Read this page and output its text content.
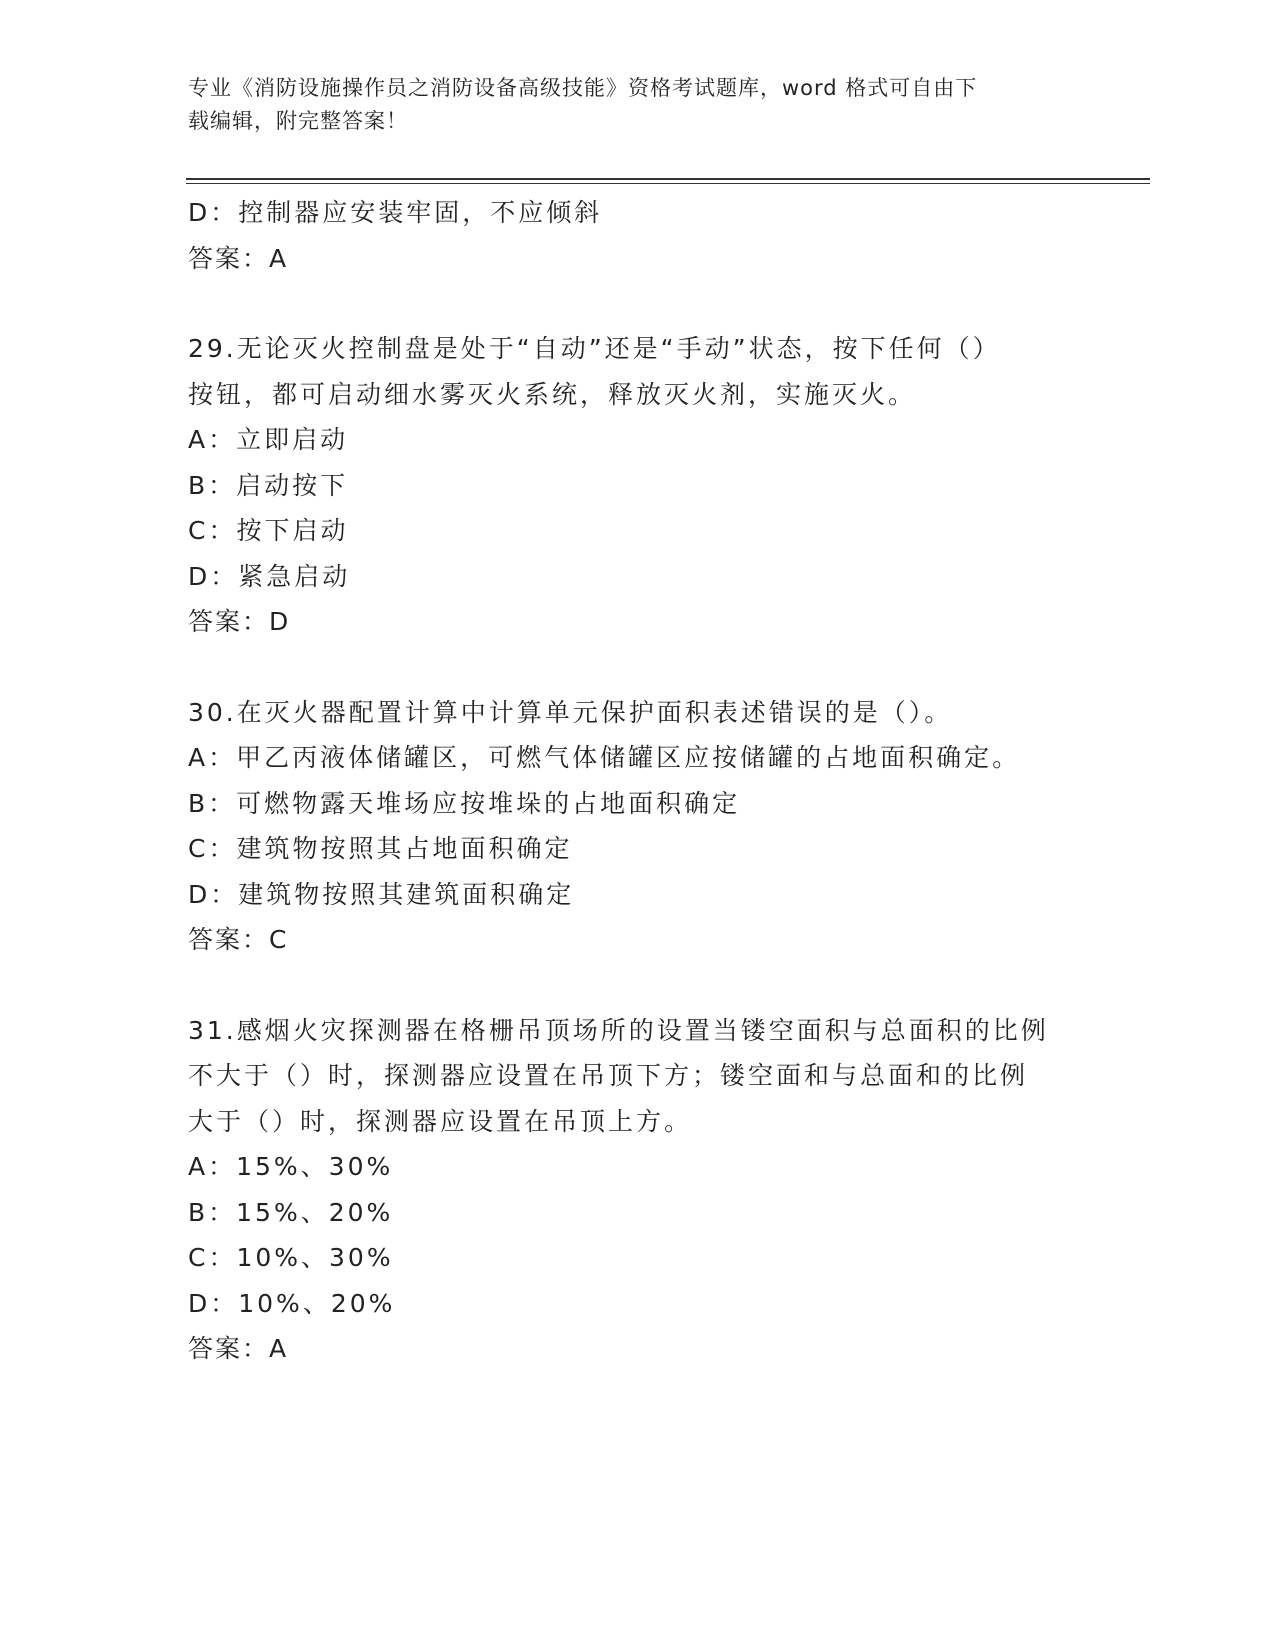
专业《消防设施操作员之消防设备高级技能》资格考试题库，word 格式可自由下
载编辑，附完整答案！
D：控制器应安装牢固，不应倾斜
答案：A
29.无论灭火控制盘是处于“自动”还是“手动”状态，按下任何（）
按钮，都可启动细水雾灭火系统，释放灭火剂，实施灭火。
A：立即启动
B：启动按下
C：按下启动
D：紧急启动
答案：D
30.在灭火器配置计算中计算单元保护面积表述错误的是（）。
A：甲乙丙液体储罐区，可燃气体储罐区应按储罐的占地面积确定。
B：可燃物露天堆场应按堆垛的占地面积确定
C：建筑物按照其占地面积确定
D：建筑物按照其建筑面积确定
答案：C
31.感烟火灾探测器在格栅吊顶场所的设置当镂空面积与总面积的比例
不大于（）时，探测器应设置在吊顶下方；镂空面和与总面和的比例
大于（）时，探测器应设置在吊顶上方。
A：15%、30%
B：15%、20%
C：10%、30%
D：10%、20%
答案：A
